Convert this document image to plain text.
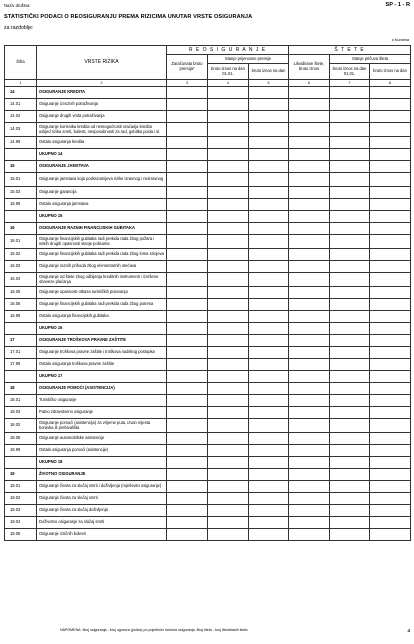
Naziv društva:	SP - 1 - R
STATISTIČKI PODACI O REOSIGURANJU PREMA RIZICIMA UNUTAR VRSTE OSIGURANJA
za razdoblje:
u Kunama
Šifra	VRSTE RIZIKA	R E O S I G U R A N J E			Š T E T E		
		Zaračunata bruto premija*	Stanje prijenosne premije		Likvidirane štete, bruto iznos	Stanje pričuva šteta	
			bruto iznos na dan 01.01.	bruto iznos na dan		bruto iznos na dan 01.01.	bruto iznos na dan
1	2	3	4	5	6	7	8
14	OSIGURANJE KREDITA						
14.01	Osiguranje izvoznih potraživanja						
14.02	Osiguranje drugih vrsta potraživanja						
14.03	Osiguranje korisnika kredita od nemogućnosti vraćanja kredita uslijed rizika smrti, bolesti, nesposobnosti za rad, gubitka posla i sl.						
14.99	Ostala osiguranja kredita						
	UKUPNO 14						
15	OSIGURANJE JAMSTAVA						
15.01	Osiguranje jamstava koja podrazumijeva rizike izravnog i neizravnog						
15.02	Osiguranje garancija						
15.99	Ostala osiguranja jamstava						
	UKUPNO 15						
16	OSIGURANJE RAZNIH FINANCIJSKIH GUBITAKA						
16.01	Osiguranje financijskih gubitaka radi prekida rada zbog požara i nekih drugih opasnosti stanje polisama						
16.02	Osiguranje financijskih gubitaka radi prekida rada zbog loma strojeva						
16.03	Osiguranje raznih prihoda zbog elementarnih otećava						
16.04	Osiguranje od štete zbog odbijanja kreditnih instrumenti i izvršene obaveze plaćanja						
16.05	Osiguranje opasnosti otkaza turističkih putovanja						
16.06	Osiguranje financijskih gubitaka radi prekida rada zbog potresa						
16.99	Ostala osiguranja financijskih gubitaka						
	UKUPNO 16						
17	OSIGURANJE TROŠKOVA PRAVNE ZAŠTITE						
17.01	Osiguranje troškova pravne zaštite i troškova sudskog postupka						
17.99	Ostala osiguranja troškova pravne zaštite						
	UKUPNO 17						
18	OSIGURANJE POMOĆI (ASISTENCIJA)						
18.01	Turističko osiguranje						
18.03	Putno zdravstveno osiguranje						
18.02	Osiguranje pomoći (asistencija) za vrijeme puta, izvan mjesta boravka ili prebivališta						
18.05	Osiguranje automobilske asistencije						
18.99	Ostala osiguranja pomoći (asistencije)						
	UKUPNO 18						
19	ŽIVOTNO OSIGURANJE						
19.01	Osiguranje života za slučaj smrti i doživljenja (mješovito osiguranje)						
19.02	Osiguranje života za slučaj smrti						
19.03	Osiguranje života za slučaj doživljenja						
19.04	Doživotno osiguranje za slučaj smrti						
19.05	Osiguranje izričnih bolesti						
NAPOMENA: Broj osiguranja - broj ugovora (polica) po pojedinim rizicima osiguranja, Broj šteta - broj likvidiranih šteta	4
